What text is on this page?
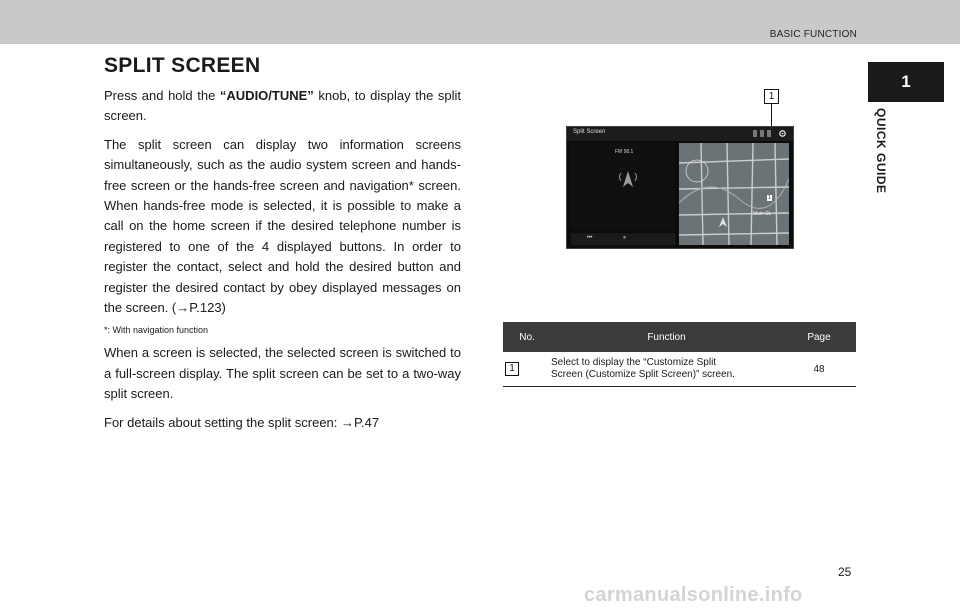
BASIC FUNCTION
1
QUICK GUIDE
SPLIT SCREEN

Press and hold the “AUDIO/TUNE” knob, to display the split screen.

The split screen can display two information screens simultaneously, such as the audio system screen and hands-free screen or the hands-free screen and navigation* screen. When hands-free mode is selected, it is possible to make a call on the home screen if the desired telephone number is registered to one of the 4 displayed buttons. In order to register the contact, select and hold the desired button and register the desired contact by obey displayed messages on the screen. (→P.123)

*: With navigation function

When a screen is selected, the selected screen is switched to a full-screen display. The split screen can be set to a two-way split screen.

For details about setting the split screen: →P.47

1
Split Screen
FM 98.1
⏮	⏸
Main St.
1
No.	Function	Page
1	Select to display the “Customize Split
Screen (Customize Split Screen)” screen.	48
25
carmanualsonline.info
